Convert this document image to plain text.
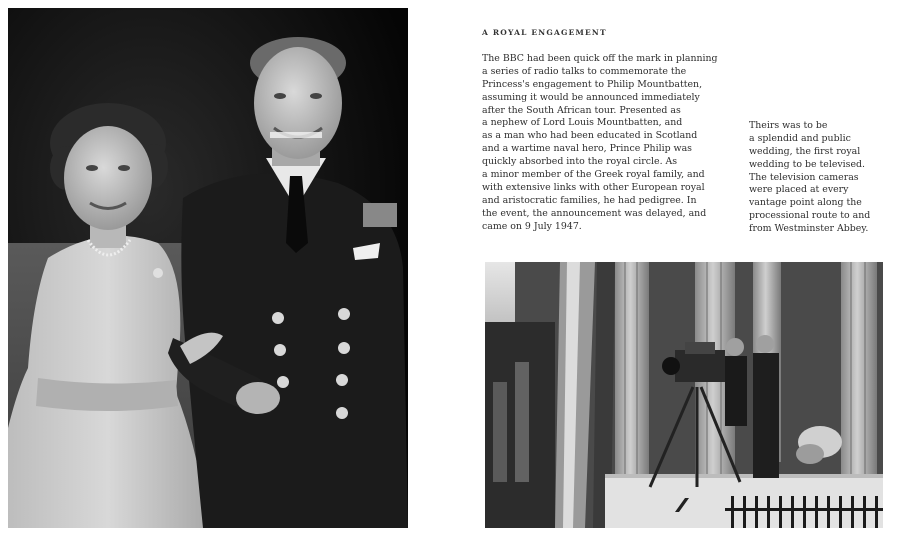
A ROYAL ENGAGEMENT
The BBC had been quick off the mark in planning
a series of radio talks to commemorate the
Princess's engagement to Philip Mountbatten,
assuming it would be announced immediately
after the South African tour. Presented as
a nephew of Lord Louis Mountbatten, and
as a man who had been educated in Scotland
and a wartime naval hero, Prince Philip was
quickly absorbed into the royal circle. As
a minor member of the Greek royal family, and
with extensive links with other European royal
and aristocratic families, he had pedigree. In
the event, the announcement was delayed, and
came on 9 July 1947.
Theirs was to be
a splendid and public
wedding, the first royal
wedding to be televised.
The television cameras
were placed at every
vantage point along the
processional route to and
from Westminster Abbey.
